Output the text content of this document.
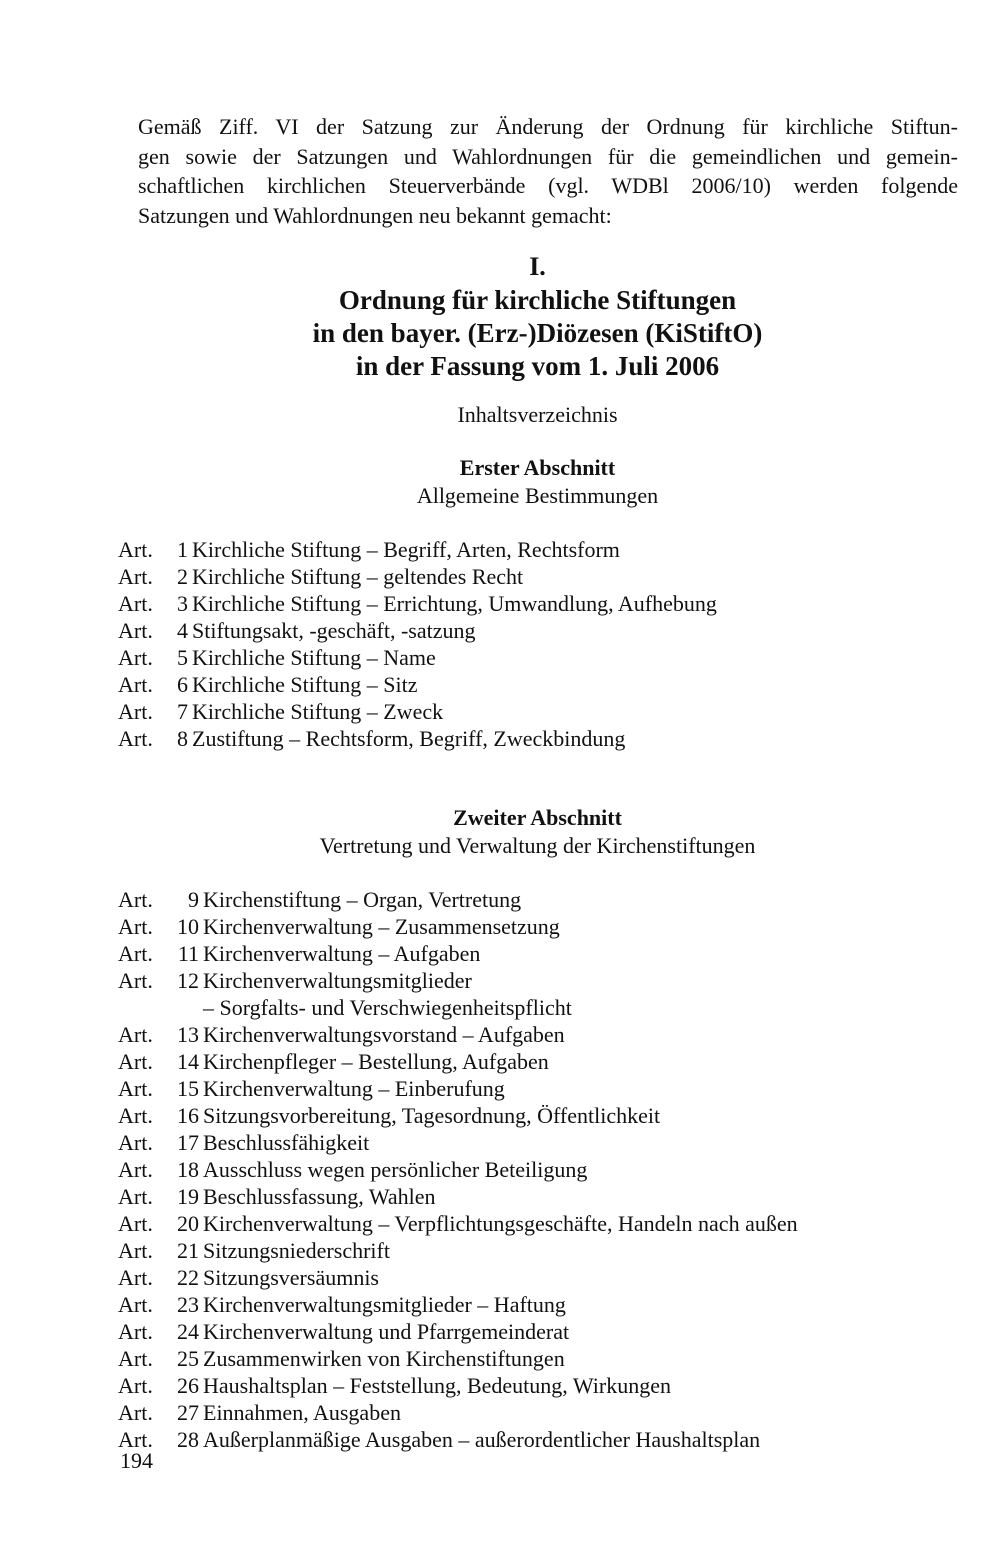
Gemäß Ziff. VI der Satzung zur Änderung der Ordnung für kirchliche Stiftun-
gen sowie der Satzungen und Wahlordnungen für die gemeindlichen und gemein-
schaftlichen kirchlichen Steuerverbände (vgl. WDBl 2006/10) werden folgende
Satzungen und Wahlordnungen neu bekannt gemacht:
I.
Ordnung für kirchliche Stiftungen
in den bayer. (Erz-)Diözesen (KiStiftO)
in der Fassung vom 1. Juli 2006
Inhaltsverzeichnis
Erster Abschnitt
Allgemeine Bestimmungen
Art.	1 Kirchliche Stiftung – Begriff, Arten, Rechtsform
Art.	2 Kirchliche Stiftung – geltendes Recht
Art.	3 Kirchliche Stiftung – Errichtung, Umwandlung, Aufhebung
Art.	4 Stiftungsakt, -geschäft, -satzung
Art.	5 Kirchliche Stiftung – Name
Art.	6 Kirchliche Stiftung – Sitz
Art.	7 Kirchliche Stiftung – Zweck
Art.	8 Zustiftung – Rechtsform, Begriff, Zweckbindung
Zweiter Abschnitt
Vertretung und Verwaltung der Kirchenstiftungen
Art.	9 Kirchenstiftung – Organ, Vertretung
Art.	10 Kirchenverwaltung – Zusammensetzung
Art.	11 Kirchenverwaltung – Aufgaben
Art.	12 Kirchenverwaltungsmitglieder
– Sorgfalts- und Verschwiegenheitspflicht
Art.	13 Kirchenverwaltungsvorstand – Aufgaben
Art.	14 Kirchenpfleger – Bestellung, Aufgaben
Art.	15 Kirchenverwaltung – Einberufung
Art.	16 Sitzungsvorbereitung, Tagesordnung, Öffentlichkeit
Art.	17 Beschlussfähigkeit
Art.	18 Ausschluss wegen persönlicher Beteiligung
Art.	19 Beschlussfassung, Wahlen
Art.	20 Kirchenverwaltung – Verpflichtungsgeschäfte, Handeln nach außen
Art.	21 Sitzungsniederschrift
Art.	22 Sitzungsversäumnis
Art.	23 Kirchenverwaltungsmitglieder – Haftung
Art.	24 Kirchenverwaltung und Pfarrgemeinderat
Art.	25 Zusammenwirken von Kirchenstiftungen
Art.	26 Haushaltsplan – Feststellung, Bedeutung, Wirkungen
Art.	27 Einnahmen, Ausgaben
Art.	28 Außerplanmäßige Ausgaben – außerordentlicher Haushaltsplan
194
